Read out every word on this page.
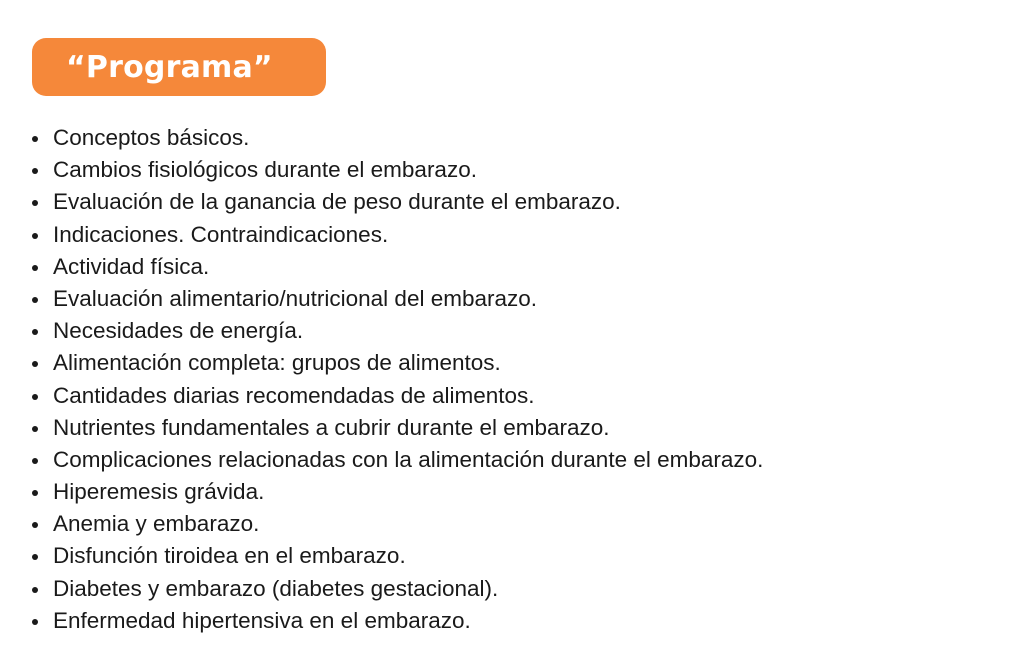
“Programa”
Conceptos básicos.
Cambios fisiológicos durante el embarazo.
Evaluación de la ganancia de peso durante el embarazo.
Indicaciones. Contraindicaciones.
Actividad física.
Evaluación alimentario/nutricional del embarazo.
Necesidades de energía.
Alimentación completa: grupos de alimentos.
Cantidades diarias recomendadas de alimentos.
Nutrientes fundamentales a cubrir durante el embarazo.
Complicaciones relacionadas con la alimentación durante el embarazo.
Hiperemesis grávida.
Anemia y embarazo.
Disfunción tiroidea en el embarazo.
Diabetes y embarazo (diabetes gestacional).
Enfermedad hipertensiva en el embarazo.
